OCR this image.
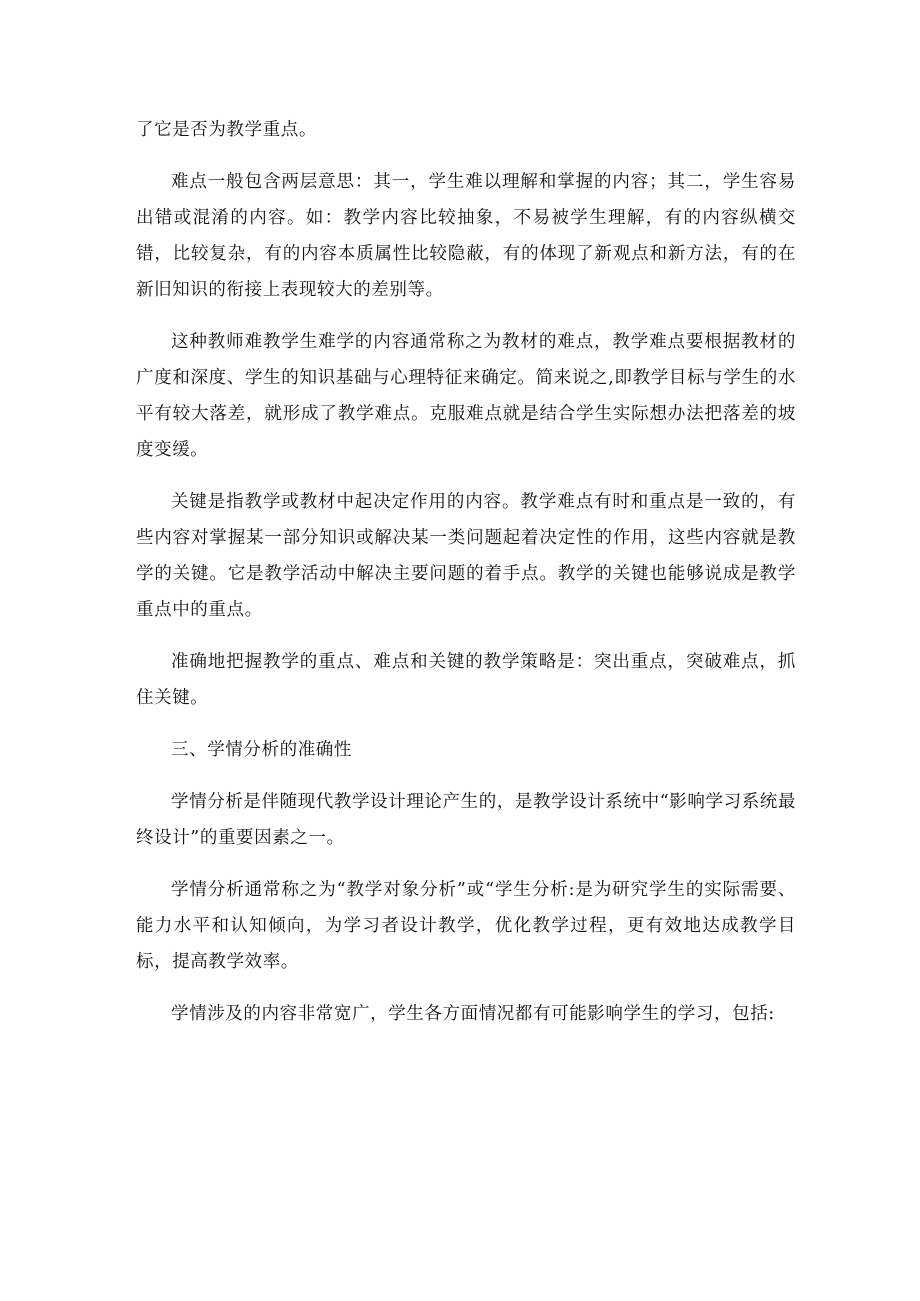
了它是否为教学重点。

难点一般包含两层意思：其一，学生难以理解和掌握的内容；其二，学生容易出错或混淆的内容。如：教学内容比较抽象，不易被学生理解，有的内容纵横交错，比较复杂，有的内容本质属性比较隐蔽，有的体现了新观点和新方法，有的在新旧知识的衔接上表现较大的差别等。

这种教师难教学生难学的内容通常称之为教材的难点，教学难点要根据教材的广度和深度、学生的知识基础与心理特征来确定。简来说之,即教学目标与学生的水平有较大落差，就形成了教学难点。克服难点就是结合学生实际想办法把落差的坡度变缓。

关键是指教学或教材中起决定作用的内容。教学难点有时和重点是一致的，有些内容对掌握某一部分知识或解决某一类问题起着决定性的作用，这些内容就是教学的关键。它是教学活动中解决主要问题的着手点。教学的关键也能够说成是教学重点中的重点。

准确地把握教学的重点、难点和关键的教学策略是：突出重点，突破难点，抓住关键。

三、学情分析的准确性

学情分析是伴随现代教学设计理论产生的，是教学设计系统中“影响学习系统最终设计”的重要因素之一。

学情分析通常称之为“教学对象分析”或“学生分析:是为研究学生的实际需要、能力水平和认知倾向，为学习者设计教学，优化教学过程，更有效地达成教学目标，提高教学效率。

学情涉及的内容非常宽广，学生各方面情况都有可能影响学生的学习，包括:
